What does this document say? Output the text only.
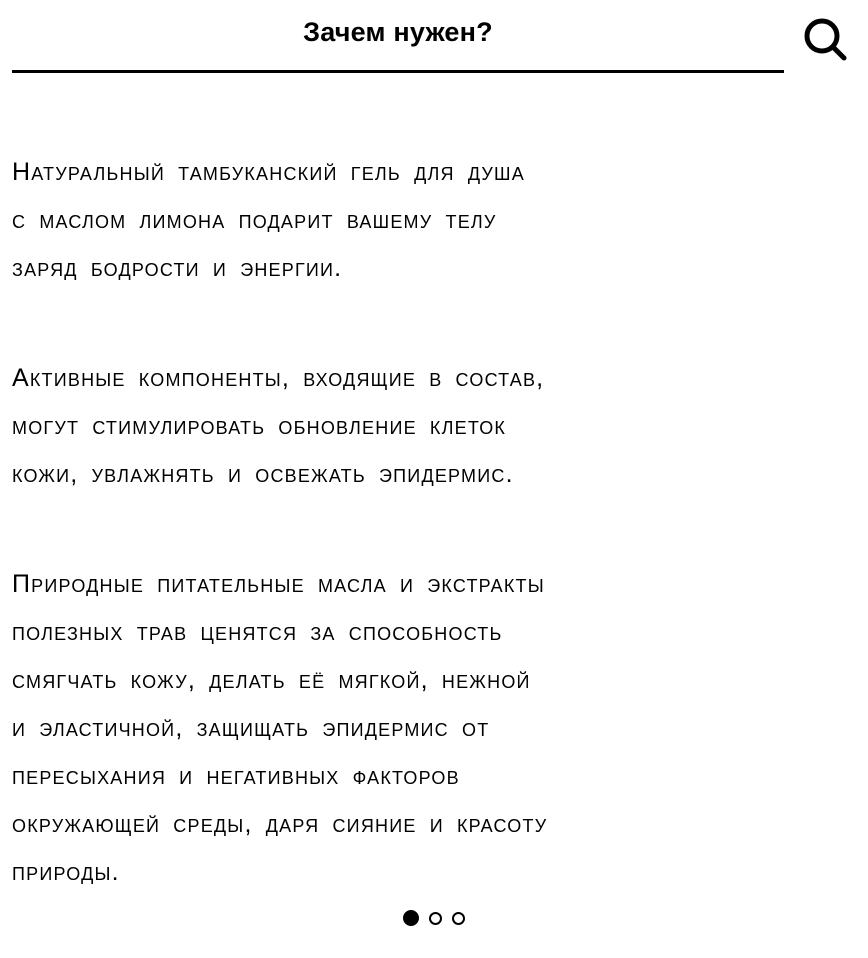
Зачем нужен?

Натуральный тамбуканский гель для душа
с маслом лимона подарит вашему телу
заряд бодрости и энергии.

Активные компоненты, входящие в состав,
могут стимулировать обновление клеток
кожи, увлажнять и освежать эпидермис.

Природные питательные масла и экстракты
полезных трав ценятся за способность
смягчать кожу, делать её мягкой, нежной
и эластичной, защищать эпидермис от
пересыхания и негативных факторов
окружающей среды, даря сияние и красоту
природы.
